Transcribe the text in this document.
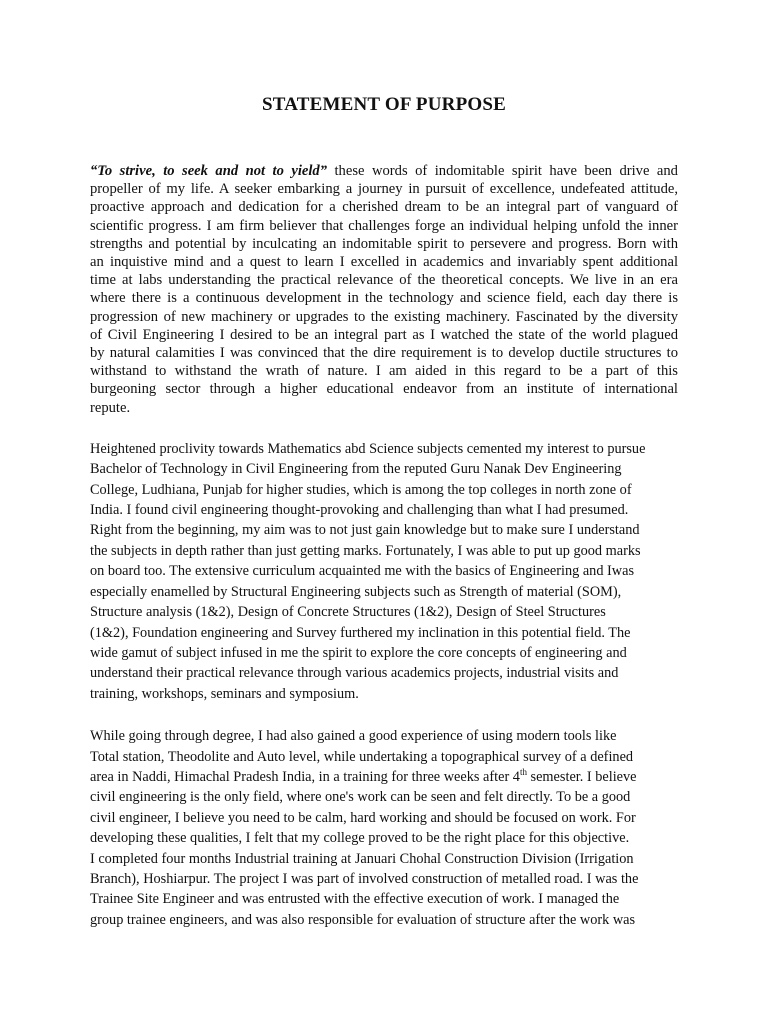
STATEMENT OF PURPOSE
“To strive, to seek and not to yield” these words of indomitable spirit have been drive and
propeller of my life. A seeker embarking a journey in pursuit of excellence, undefeated attitude,
proactive approach and dedication for a cherished dream to be an integral part of vanguard of
scientific progress. I am firm believer that challenges forge an individual helping unfold the inner
strengths and potential by inculcating an indomitable spirit to persevere and progress. Born with
an inquistive mind and a quest to learn I excelled in academics and invariably spent additional
time at labs understanding the practical relevance of the theoretical concepts. We live in an era
where there is a continuous development in the technology and science field, each day there is
progression of new machinery or upgrades to the existing machinery. Fascinated by the diversity
of Civil Engineering I desired to be an integral part as I watched the state of the world plagued
by natural calamities I was convinced that the dire requirement is to develop ductile structures to
withstand to withstand the wrath of nature. I am aided in this regard to be a part of this
burgeoning sector through a higher educational endeavor from an institute of international
repute.
Heightened proclivity towards Mathematics abd Science subjects cemented my interest to pursue
Bachelor of Technology in Civil Engineering from the reputed Guru Nanak Dev Engineering
College, Ludhiana, Punjab for higher studies, which is among the top colleges in north zone of
India. I found civil engineering thought-provoking and challenging than what I had presumed.
Right from the beginning, my aim was to not just gain knowledge but to make sure I understand
the subjects in depth rather than just getting marks. Fortunately, I was able to put up good marks
on board too. The extensive curriculum acquainted me with the basics of Engineering and Iwas
especially enamelled by Structural Engineering subjects such as Strength of material (SOM),
Structure analysis (1&2), Design of Concrete Structures (1&2), Design of Steel Structures
(1&2), Foundation engineering and Survey furthered my inclination in this potential field. The
wide gamut of subject infused in me the spirit to explore the core concepts of engineering and
understand their practical relevance through various academics projects, industrial visits and
training, workshops, seminars and symposium.
While going through degree, I had also gained a good experience of using modern tools like
Total station, Theodolite and Auto level, while undertaking a topographical survey of a defined
area in Naddi, Himachal Pradesh India, in a training for three weeks after 4th semester. I believe
civil engineering is the only field, where one's work can be seen and felt directly. To be a good
civil engineer, I believe you need to be calm, hard working and should be focused on work. For
developing these qualities, I felt that my college proved to be the right place for this objective.
I completed four months Industrial training at Januari Chohal Construction Division (Irrigation
Branch), Hoshiarpur. The project I was part of involved construction of metalled road. I was the
Trainee Site Engineer and was entrusted with the effective execution of work. I managed the
group trainee engineers, and was also responsible for evaluation of structure after the work was
